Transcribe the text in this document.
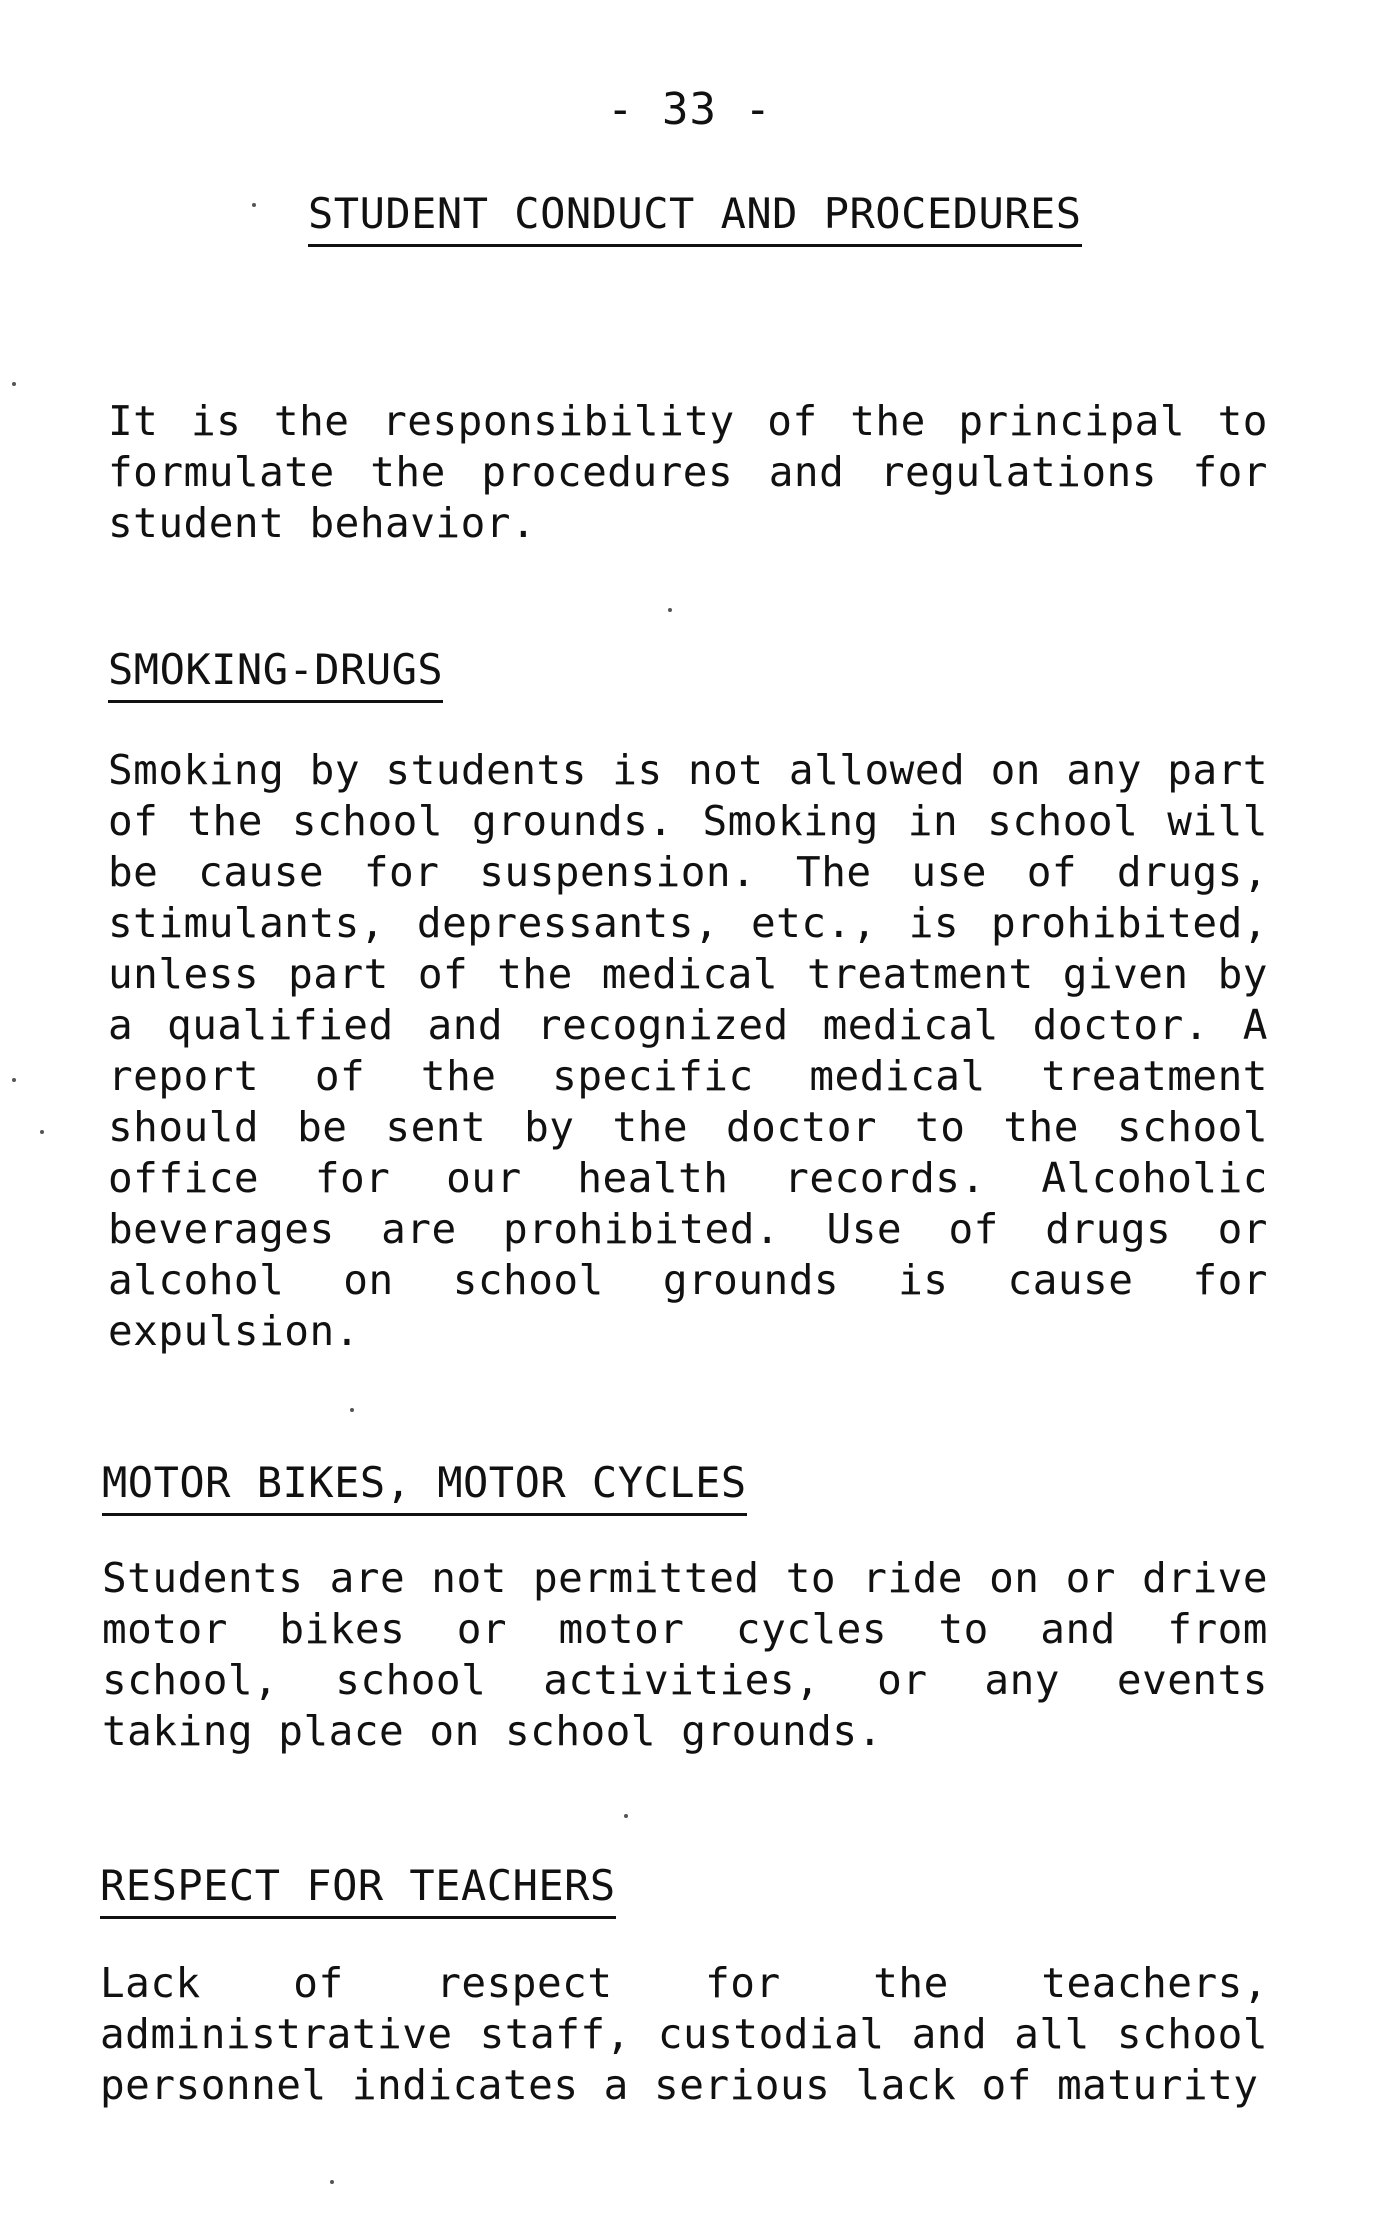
- 33 -
STUDENT CONDUCT AND PROCEDURES
It is the responsibility of the principal to formulate the procedures and regulations for student behavior.
SMOKING-DRUGS
Smoking by students is not allowed on any part of the school grounds. Smoking in school will be cause for suspension. The use of drugs, stimulants, depressants, etc., is prohibited, unless part of the medical treatment given by a qualified and recognized medical doctor. A report of the specific medical treatment should be sent by the doctor to the school office for our health records. Alcoholic beverages are prohibited. Use of drugs or alcohol on school grounds is cause for expulsion.
MOTOR BIKES, MOTOR CYCLES
Students are not permitted to ride on or drive motor bikes or motor cycles to and from school, school activities, or any events taking place on school grounds.
RESPECT FOR TEACHERS
Lack of respect for the teachers, administrative staff, custodial and all school personnel indicates a serious lack of maturity
